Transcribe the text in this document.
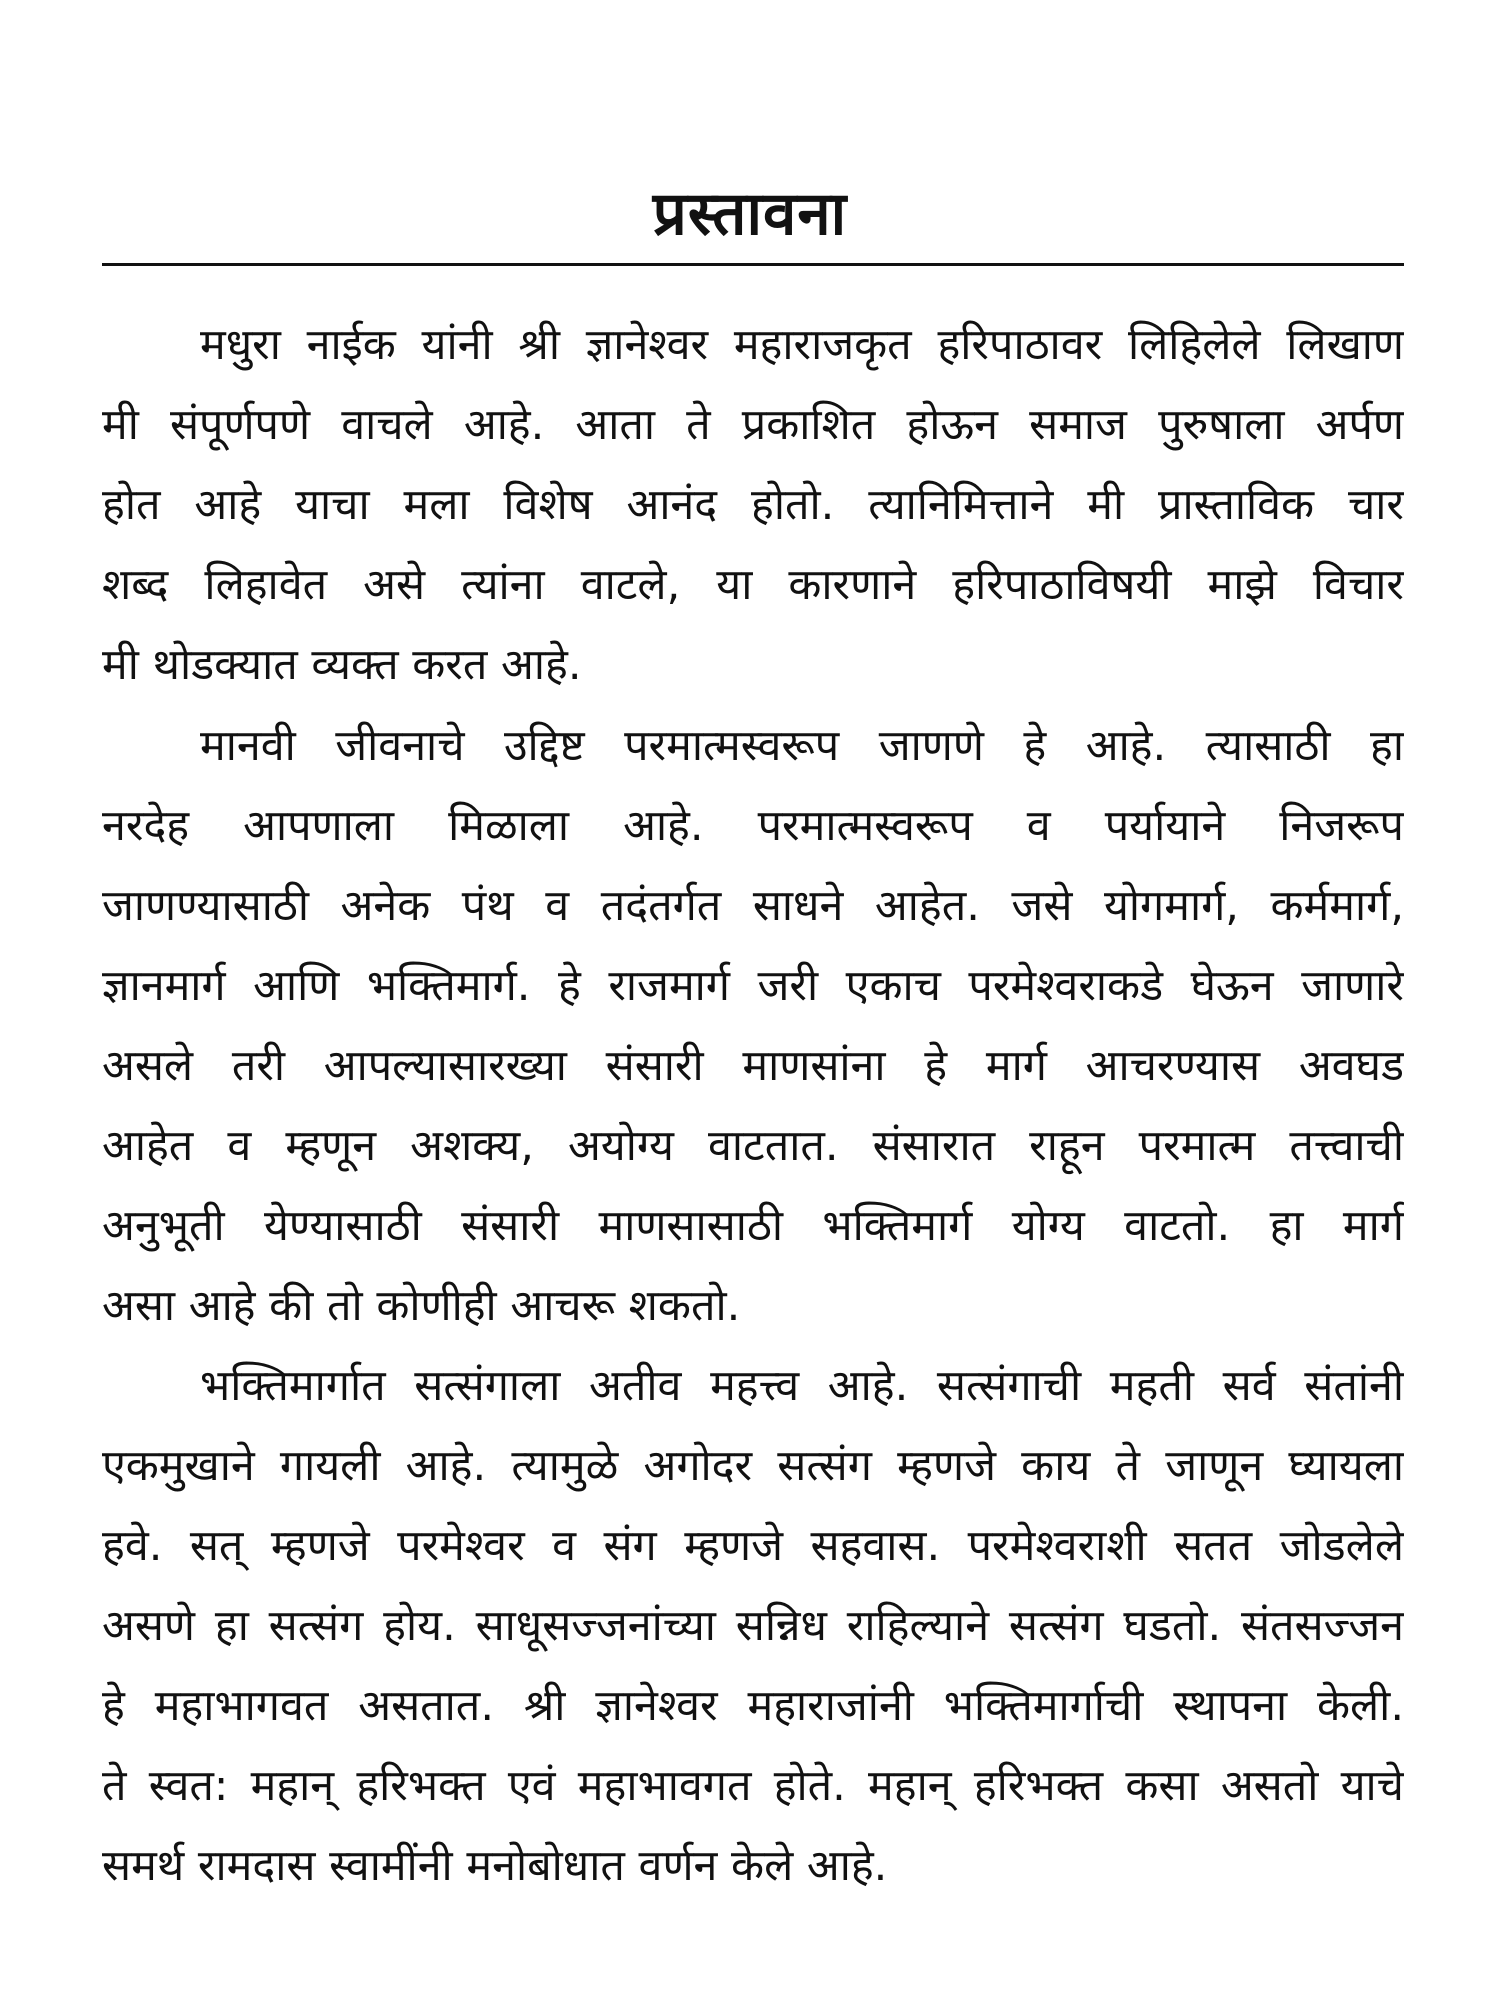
प्रस्तावना
मधुरा नाईक यांनी श्री ज्ञानेश्वर महाराजकृत हरिपाठावर लिहिलेले लिखाण
मी संपूर्णपणे वाचले आहे. आता ते प्रकाशित होऊन समाज पुरुषाला अर्पण
होत आहे याचा मला विशेष आनंद होतो. त्यानिमित्ताने मी प्रास्ताविक चार
शब्द लिहावेत असे त्यांना वाटले, या कारणाने हरिपाठाविषयी माझे विचार
मी थोडक्यात व्यक्त करत आहे.
मानवी जीवनाचे उद्दिष्ट परमात्मस्वरूप जाणणे हे आहे. त्यासाठी हा
नरदेह आपणाला मिळाला आहे. परमात्मस्वरूप व पर्यायाने निजरूप
जाणण्यासाठी अनेक पंथ व तदंतर्गत साधने आहेत. जसे योगमार्ग, कर्ममार्ग,
ज्ञानमार्ग आणि भक्तिमार्ग. हे राजमार्ग जरी एकाच परमेश्वराकडे घेऊन जाणारे
असले तरी आपल्यासारख्या संसारी माणसांना हे मार्ग आचरण्यास अवघड
आहेत व म्हणून अशक्य, अयोग्य वाटतात. संसारात राहून परमात्म तत्त्वाची
अनुभूती येण्यासाठी संसारी माणसासाठी भक्तिमार्ग योग्य वाटतो. हा मार्ग
असा आहे की तो कोणीही आचरू शकतो.
भक्तिमार्गात सत्संगाला अतीव महत्त्व आहे. सत्संगाची महती सर्व संतांनी
एकमुखाने गायली आहे. त्यामुळे अगोदर सत्संग म्हणजे काय ते जाणून घ्यायला
हवे. सत् म्हणजे परमेश्वर व संग म्हणजे सहवास. परमेश्वराशी सतत जोडलेले
असणे हा सत्संग होय. साधूसज्जनांच्या सन्निध राहिल्याने सत्संग घडतो. संतसज्जन
हे महाभागवत असतात. श्री ज्ञानेश्वर महाराजांनी भक्तिमार्गाची स्थापना केली.
ते स्वत: महान् हरिभक्त एवं महाभावगत होते. महान् हरिभक्त कसा असतो याचे
समर्थ रामदास स्वामींनी मनोबोधात वर्णन केले आहे.
